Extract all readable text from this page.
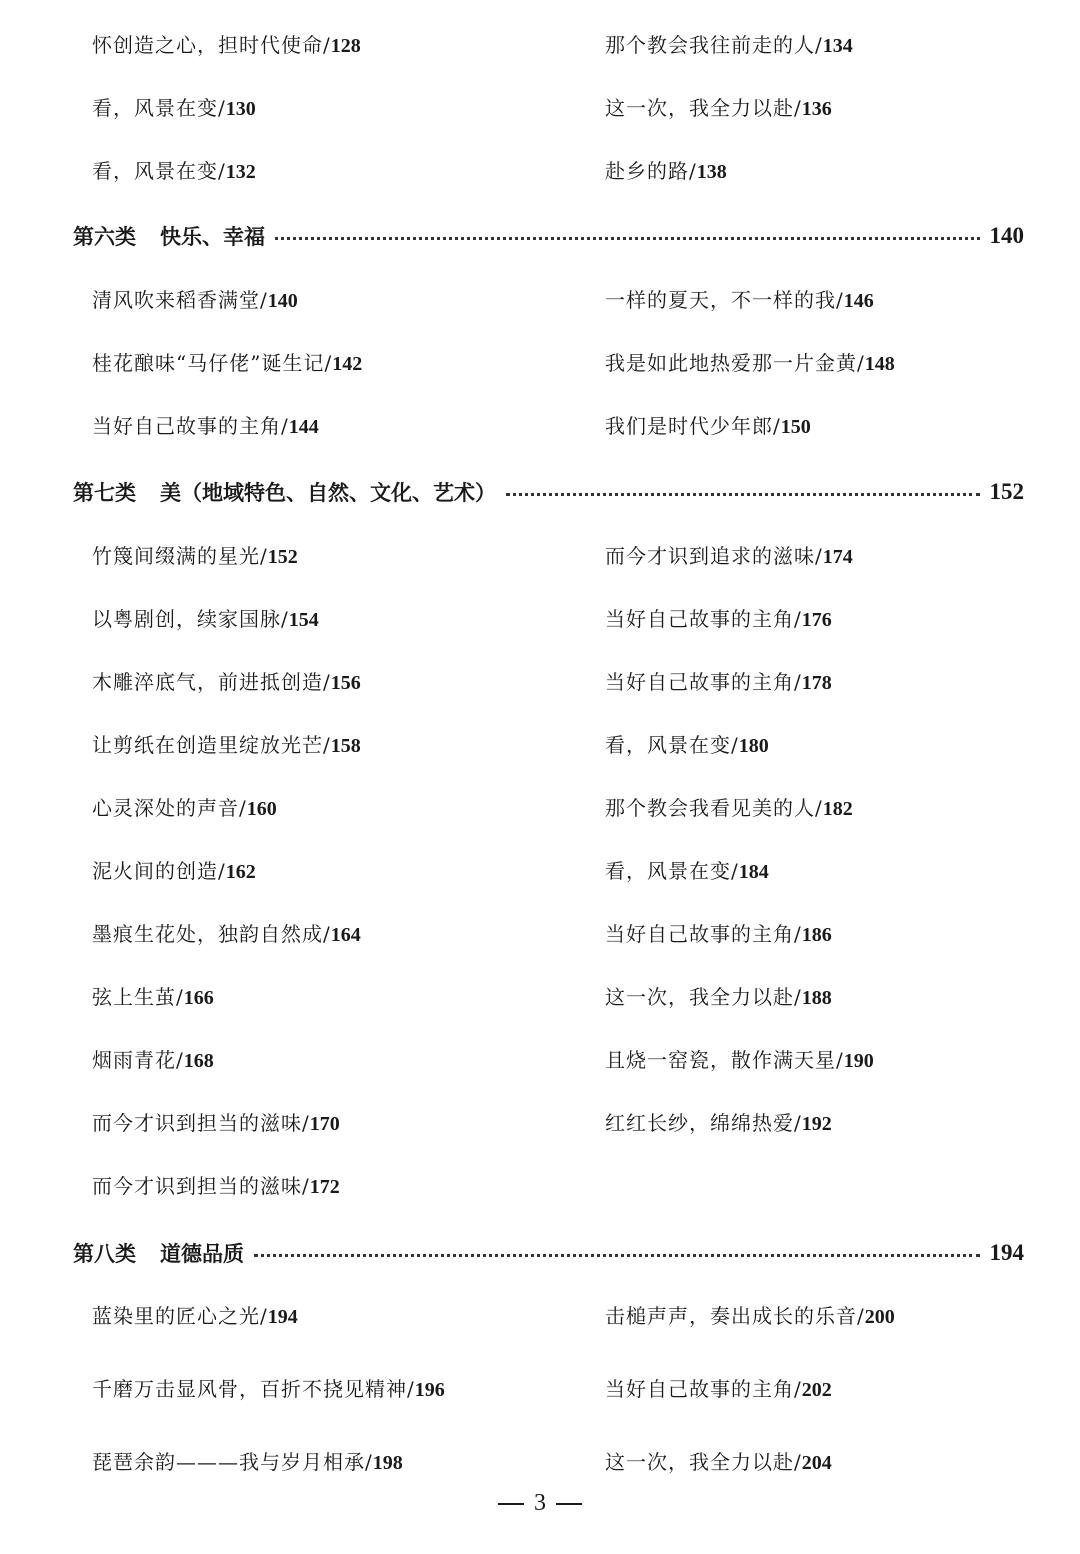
怀创造之心，担时代使命/128
看，风景在变/130
看，风景在变/132
那个教会我往前走的人/134
这一次，我全力以赴/136
赴乡的路/138
第六类 快乐、幸福	140
清风吹来稻香满堂/140
桂花酿味“马仔佬”诞生记/142
当好自己故事的主角/144
一样的夏天，不一样的我/146
我是如此地热爱那一片金黄/148
我们是时代少年郎/150
第七类 美（地域特色、自然、文化、艺术）	152
竹篾间缀满的星光/152
以粤剧创，续家国脉/154
木雕淬底气，前进抵创造/156
让剪纸在创造里绽放光芒/158
心灵深处的声音/160
泥火间的创造/162
墨痕生花处，独韵自然成/164
弦上生茧/166
烟雨青花/168
而今才识到担当的滋味/170
而今才识到担当的滋味/172
而今才识到追求的滋味/174
当好自己故事的主角/176
当好自己故事的主角/178
看，风景在变/180
那个教会我看见美的人/182
看，风景在变/184
当好自己故事的主角/186
这一次，我全力以赴/188
且烧一窑瓷，散作满天星/190
红红长纱，绵绵热爱/192
第八类 道德品质	194
蓝染里的匠心之光/194
千磨万击显风骨，百折不挠见精神/196
琵琶余韵———我与岁月相承/198
击槌声声，奏出成长的乐音/200
当好自己故事的主角/202
这一次，我全力以赴/204
3
